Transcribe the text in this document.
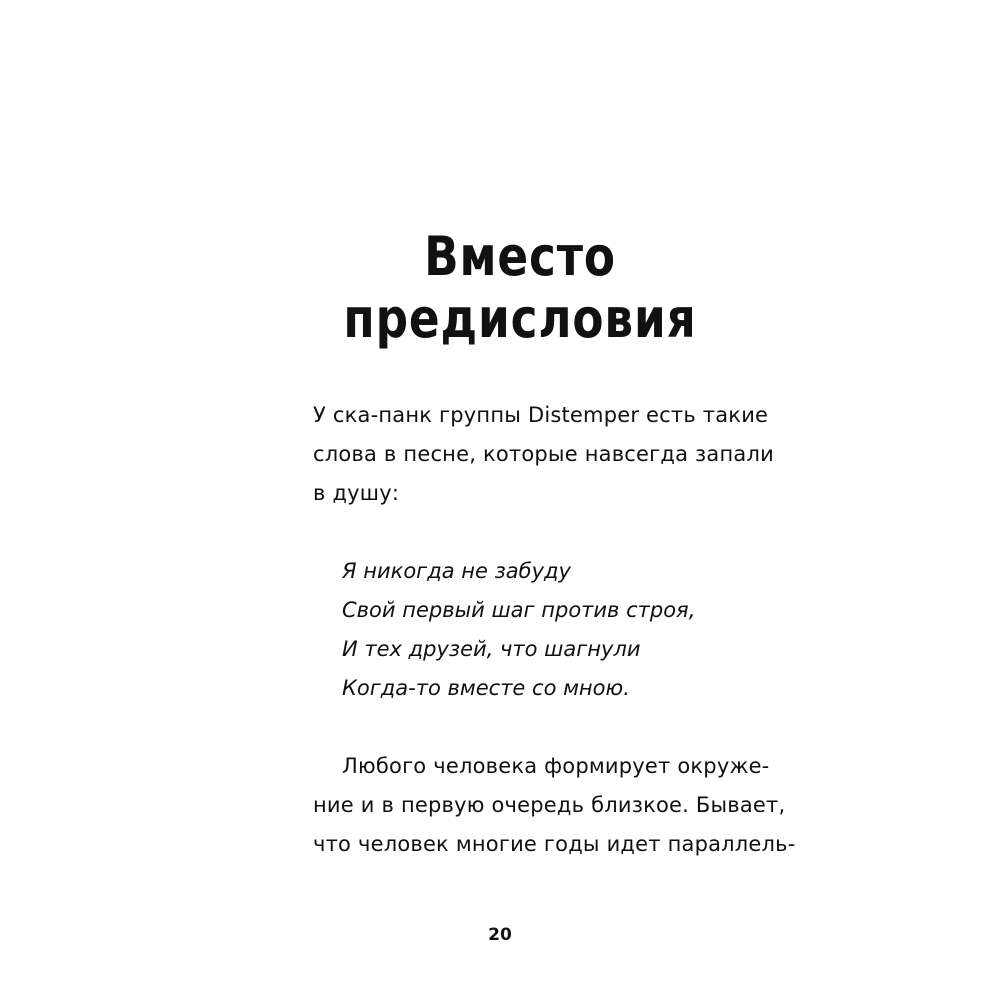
Вместо
предисловия
У ска-панк группы Distemper есть такие
слова в песне, которые навсегда запали
в душу:
Я никогда не забуду
Свой первый шаг против строя,
И тех друзей, что шагнули
Когда-то вместе со мною.
Любого человека формирует окруже-
ние и в первую очередь близкое. Бывает,
что человек многие годы идет параллель-
20
